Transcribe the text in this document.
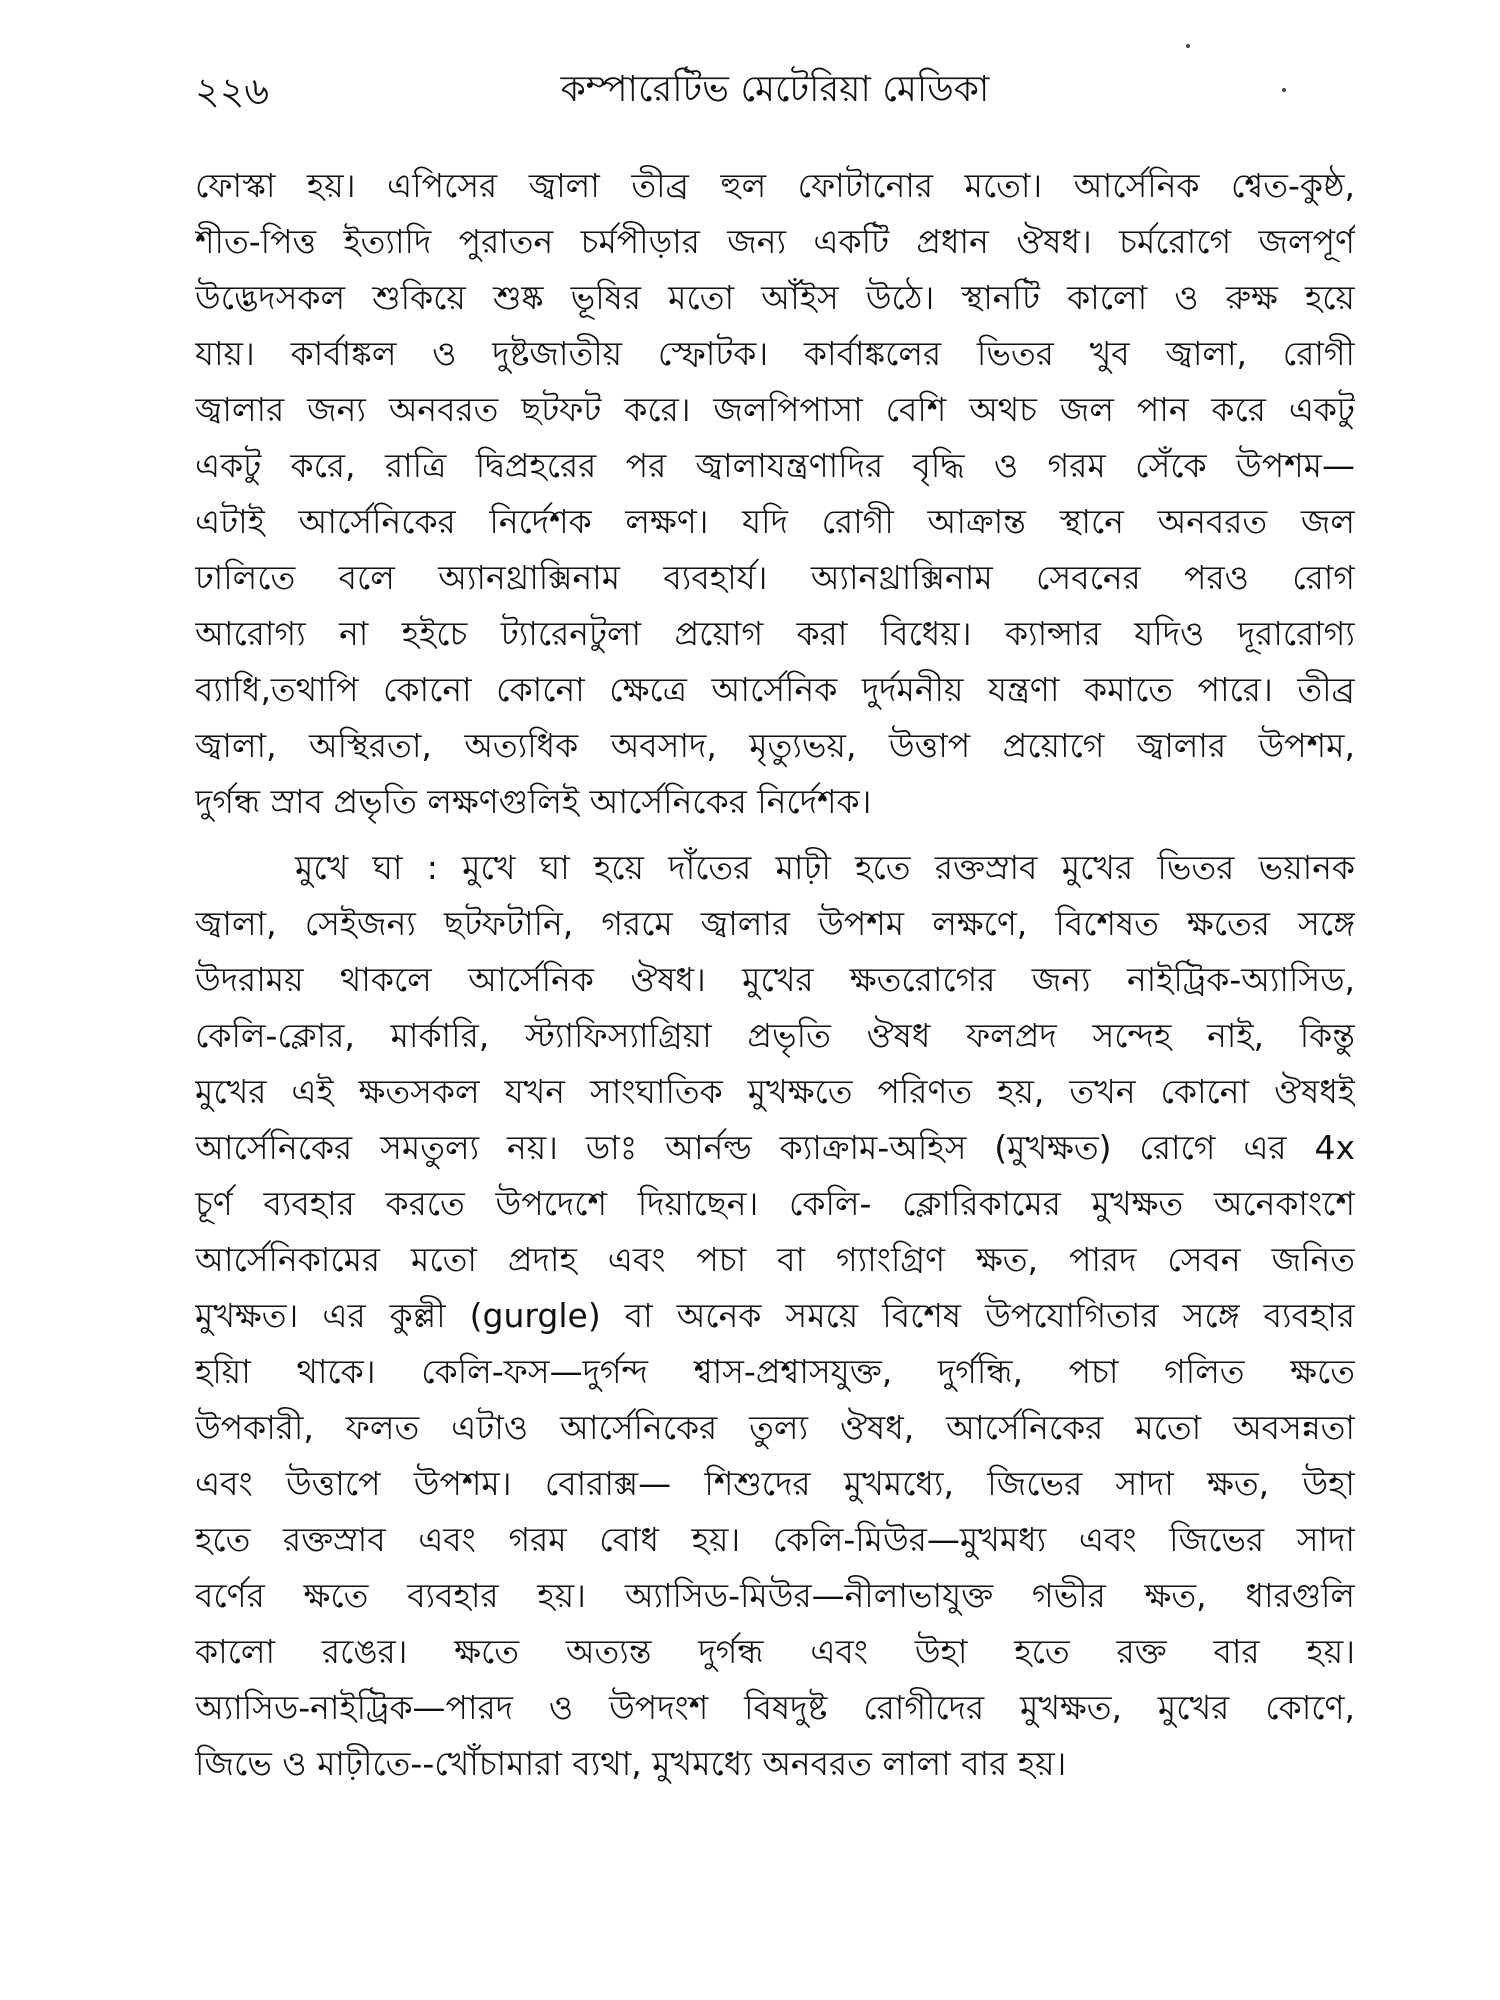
২২৬	কম্পারেটিভ মেটেরিয়া মেডিকা
ফোস্কা হয়। এপিসের জ্বালা তীব্র হুল ফোটানোর মতো। আর্সেনিক শ্বেত-কুষ্ঠ,
শীত-পিত্ত ইত্যাদি পুরাতন চর্মপীড়ার জন্য একটি প্রধান ঔষধ। চর্মরোগে জলপূর্ণ
উদ্ভেদসকল শুকিয়ে শুষ্ক ভূষির মতো আঁইস উঠে। স্থানটি কালো ও রুক্ষ হয়ে
যায়। কার্বাঙ্কল ও দুষ্টজাতীয় স্ফোটক। কার্বাঙ্কলের ভিতর খুব জ্বালা, রোগী
জ্বালার জন্য অনবরত ছটফট করে। জলপিপাসা বেশি অথচ জল পান করে একটু
একটু করে, রাত্রি দ্বিপ্রহরের পর জ্বালাযন্ত্রণাদির বৃদ্ধি ও গরম সেঁকে উপশম—
এটাই আর্সেনিকের নির্দেশক লক্ষণ। যদি রোগী আক্রান্ত স্থানে অনবরত জল
ঢালিতে বলে অ্যানথ্রাক্সিনাম ব্যবহার্য। অ্যানথ্রাক্সিনাম সেবনের পরও রোগ
আরোগ্য না হইচে ট্যারেনটুলা প্রয়োগ করা বিধেয়। ক্যান্সার যদিও দূরারোগ্য
ব্যাধি,তথাপি কোনো কোনো ক্ষেত্রে আর্সেনিক দুর্দমনীয় যন্ত্রণা কমাতে পারে। তীব্র
জ্বালা, অস্থিরতা, অত্যধিক অবসাদ, মৃত্যুভয়, উত্তাপ প্রয়োগে জ্বালার উপশম,
দুর্গন্ধ স্রাব প্রভৃতি লক্ষণগুলিই আর্সেনিকের নির্দেশক।
মুখে ঘা : মুখে ঘা হয়ে দাঁতের মাঢ়ী হতে রক্তস্রাব মুখের ভিতর ভয়ানক
জ্বালা, সেইজন্য ছটফটানি, গরমে জ্বালার উপশম লক্ষণে, বিশেষত ক্ষতের সঙ্গে
উদরাময় থাকলে আর্সেনিক ঔষধ। মুখের ক্ষতরোগের জন্য নাইট্রিক-অ্যাসিড,
কেলি-ক্লোর, মার্কারি, স্ট্যাফিস্যাগ্রিয়া প্রভৃতি ঔষধ ফলপ্রদ সন্দেহ নাই, কিন্তু
মুখের এই ক্ষতসকল যখন সাংঘাতিক মুখক্ষতে পরিণত হয়, তখন কোনো ঔষধই
আর্সেনিকের সমতুল্য নয়। ডাঃ আর্নল্ড ক্যাক্রাম-অহিস (মুখক্ষত) রোগে এর 4x
চূর্ণ ব্যবহার করতে উপদেশে দিয়াছেন। কেলি- ক্লোরিকামের মুখক্ষত অনেকাংশে
আর্সেনিকামের মতো প্রদাহ এবং পচা বা গ্যাংগ্রিণ ক্ষত, পারদ সেবন জনিত
মুখক্ষত। এর কুল্লী (gurgle) বা অনেক সময়ে বিশেষ উপযোগিতার সঙ্গে ব্যবহার
হয়িা থাকে। কেলি-ফস—দুর্গন্দ শ্বাস-প্রশ্বাসযুক্ত, দুর্গন্ধি, পচা গলিত ক্ষতে
উপকারী, ফলত এটাও আর্সেনিকের তুল্য ঔষধ, আর্সেনিকের মতো অবসন্নতা
এবং উত্তাপে উপশম। বোরাক্স— শিশুদের মুখমধ্যে, জিভের সাদা ক্ষত, উহা
হতে রক্তস্রাব এবং গরম বোধ হয়। কেলি-মিউর—মুখমধ্য এবং জিভের সাদা
বর্ণের ক্ষতে ব্যবহার হয়। অ্যাসিড-মিউর—নীলাভাযুক্ত গভীর ক্ষত, ধারগুলি
কালো রঙের। ক্ষতে অত্যন্ত দুর্গন্ধ এবং উহা হতে রক্ত বার হয়।
অ্যাসিড-নাইট্রিক—পারদ ও উপদংশ বিষদুষ্ট রোগীদের মুখক্ষত, মুখের কোণে,
জিভে ও মাঢ়ীতে--খোঁচামারা ব্যথা, মুখমধ্যে অনবরত লালা বার হয়।
